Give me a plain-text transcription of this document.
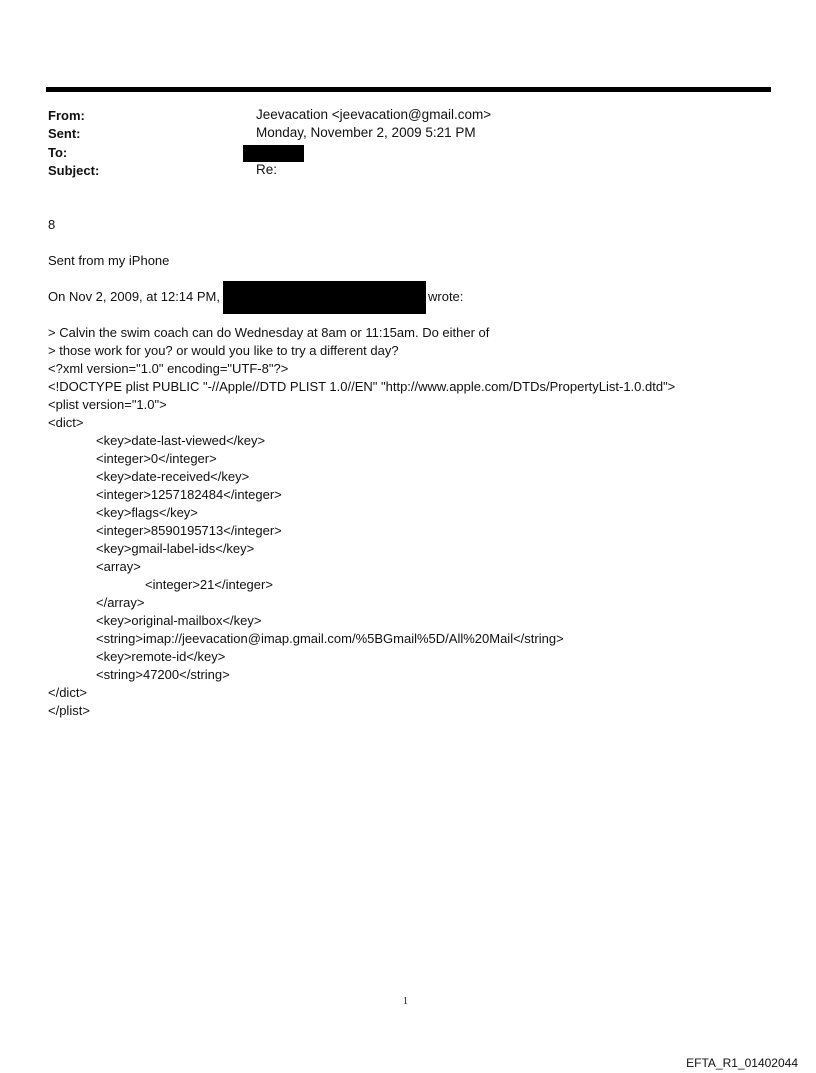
From:	Jeevacation <jeevacation@gmail.com>
Sent:	Monday, November 2, 2009 5:21 PM
To:
Subject:	Re:
8
Sent from my iPhone
On Nov 2, 2009, at 12:14 PM,	wrote:
> Calvin the swim coach can do Wednesday at 8am or 11:15am. Do either of
> those work for you? or would you like to try a different day?
<?xml version="1.0" encoding="UTF-8"?>
<!DOCTYPE plist PUBLIC "-//Apple//DTD PLIST 1.0//EN" "http://www.apple.com/DTDs/PropertyList-1.0.dtd">
<plist version="1.0">
<dict>
<key>date-last-viewed</key>
<integer>0</integer>
<key>date-received</key>
<integer>1257182484</integer>
<key>flags</key>
<integer>8590195713</integer>
<key>gmail-label-ids</key>
<array>
<integer>21</integer>
</array>
<key>original-mailbox</key>
<string>imap://jeevacation@imap.gmail.com/%5BGmail%5D/All%20Mail</string>
<key>remote-id</key>
<string>47200</string>
</dict>
</plist>
1
EFTA_R1_01402044
